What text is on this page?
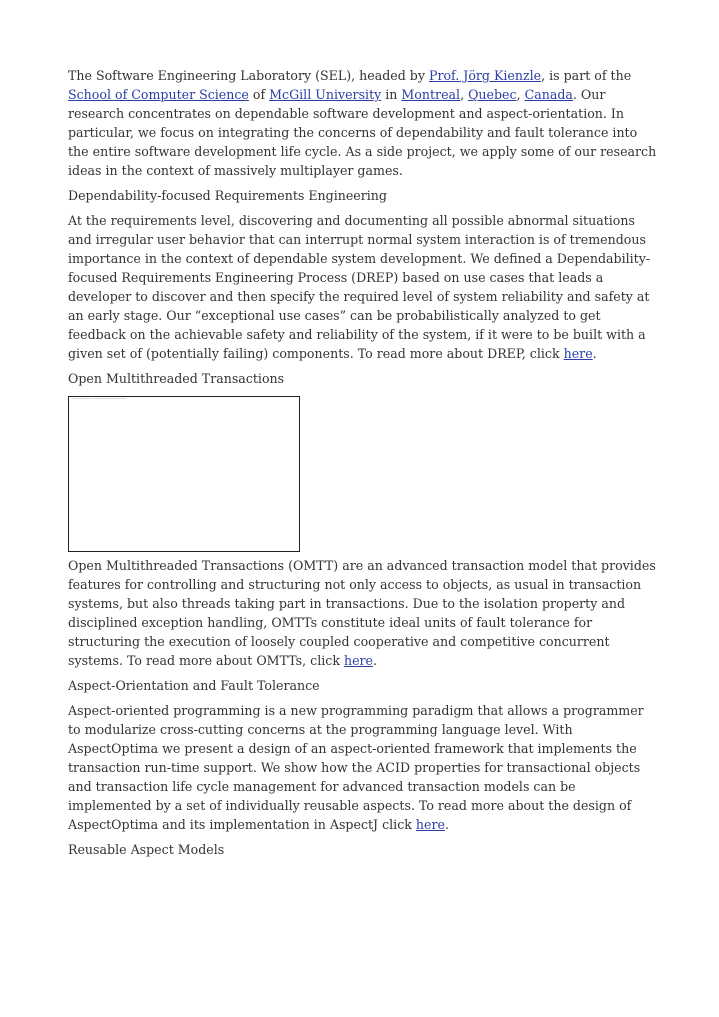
The Software Engineering Laboratory (SEL), headed by Prof. Jörg Kienzle, is part of the School of Computer Science of McGill University in Montreal, Quebec, Canada. Our research concentrates on dependable software development and aspect-orientation. In particular, we focus on integrating the concerns of dependability and fault tolerance into the entire software development life cycle. As a side project, we apply some of our research ideas in the context of massively multiplayer games.

Dependability-focused Requirements Engineering

At the requirements level, discovering and documenting all possible abnormal situations and irregular user behavior that can interrupt normal system interaction is of tremendous importance in the context of dependable system development. We defined a Dependability-focused Requirements Engineering Process (DREP) based on use cases that leads a developer to discover and then specify the required level of system reliability and safety at an early stage. Our “exceptional use cases” can be probabilistically analyzed to get feedback on the achievable safety and reliability of the system, if it were to be built with a given set of (potentially failing) components. To read more about DREP, click here.

Open Multithreaded Transactions

——— ————— —————————————

Open Multithreaded Transactions (OMTT) are an advanced transaction model that provides features for controlling and structuring not only access to objects, as usual in transaction systems, but also threads taking part in transactions. Due to the isolation property and disciplined exception handling, OMTTs constitute ideal units of fault tolerance for structuring the execution of loosely coupled cooperative and competitive concurrent systems. To read more about OMTTs, click here.

Aspect-Orientation and Fault Tolerance

Aspect-oriented programming is a new programming paradigm that allows a programmer to modularize cross-cutting concerns at the programming language level. With AspectOptima we present a design of an aspect-oriented framework that implements the transaction run-time support. We show how the ACID properties for transactional objects and transaction life cycle management for advanced transaction models can be implemented by a set of individually reusable aspects. To read more about the design of AspectOptima and its implementation in AspectJ click here.

Reusable Aspect Models
